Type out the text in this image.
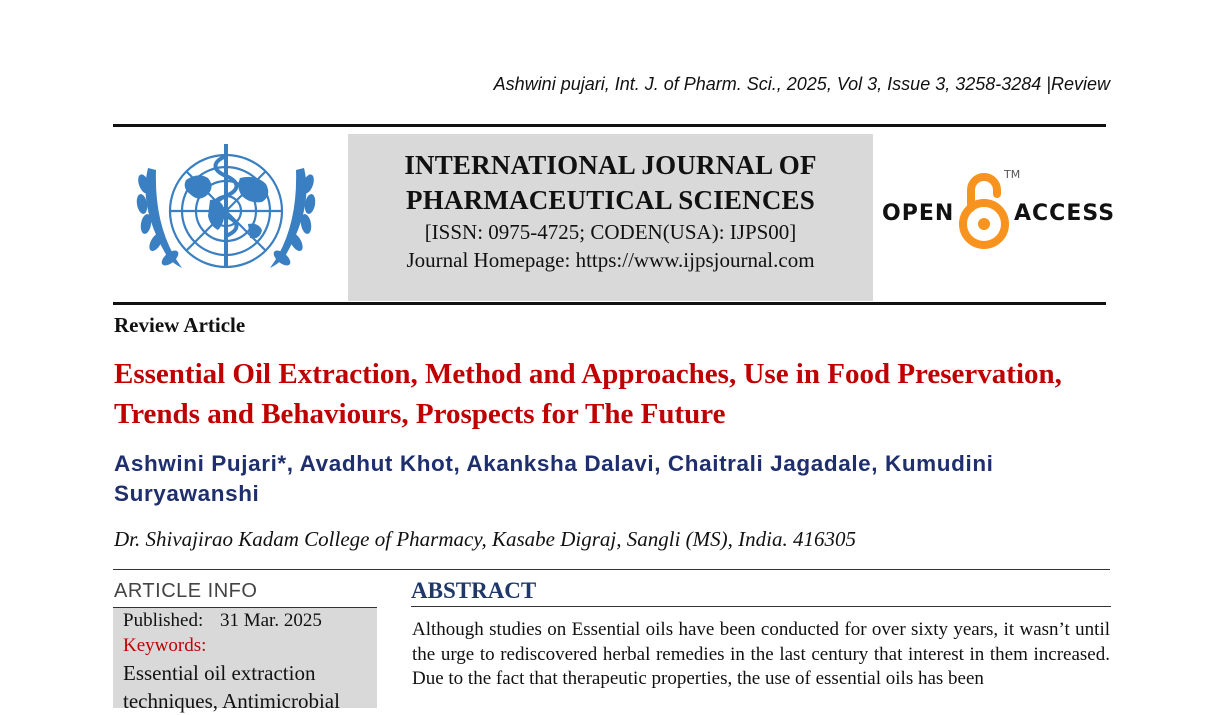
Ashwini pujari, Int. J. of Pharm. Sci., 2025, Vol 3, Issue 3, 3258-3284 |Review
INTERNATIONAL JOURNAL OF
PHARMACEUTICAL SCIENCES
[ISSN: 0975-4725; CODEN(USA): IJPS00]
Journal Homepage: https://www.ijpsjournal.com
OPEN
TM
ACCESS
Review Article
Essential Oil Extraction, Method and Approaches, Use in Food Preservation, Trends and Behaviours, Prospects for The Future
Ashwini Pujari*, Avadhut Khot, Akanksha Dalavi, Chaitrali Jagadale, Kumudini Suryawanshi
Dr. Shivajirao Kadam College of Pharmacy, Kasabe Digraj, Sangli (MS), India. 416305
ARTICLE INFO
Published: 31 Mar. 2025
Keywords:
Essential oil extraction techniques, Antimicrobial
ABSTRACT
Although studies on Essential oils have been conducted for over sixty years, it wasn’t until the urge to rediscovered herbal remedies in the last century that interest in them increased. Due to the fact that therapeutic properties, the use of essential oils has been
